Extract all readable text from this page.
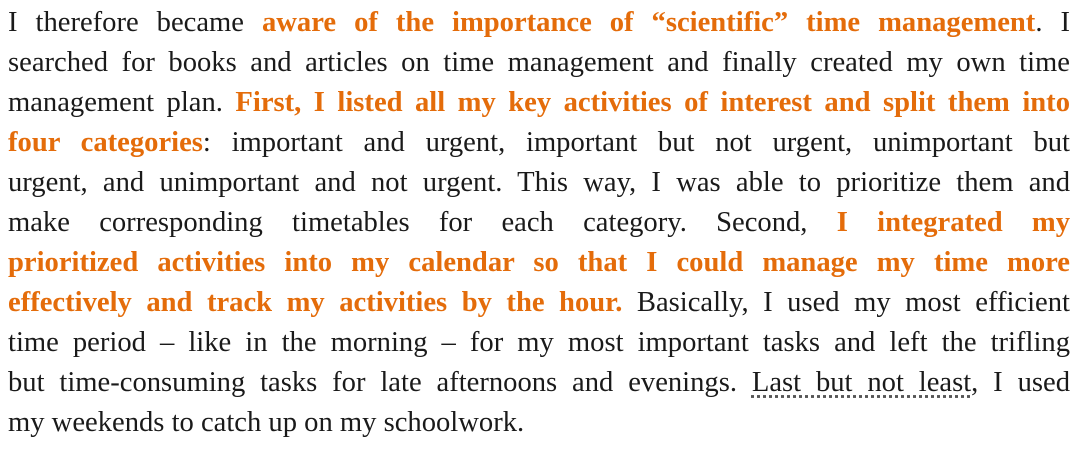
I therefore became aware of the importance of “scientific” time management. I
searched for books and articles on time management and finally created my own time
management plan. First, I listed all my key activities of interest and split them into
four categories: important and urgent, important but not urgent, unimportant but
urgent, and unimportant and not urgent. This way, I was able to prioritize them and
make corresponding timetables for each category. Second, I integrated my
prioritized activities into my calendar so that I could manage my time more
effectively and track my activities by the hour. Basically, I used my most efficient
time period – like in the morning – for my most important tasks and left the trifling
but time-consuming tasks for late afternoons and evenings. Last but not least, I used
my weekends to catch up on my schoolwork.
